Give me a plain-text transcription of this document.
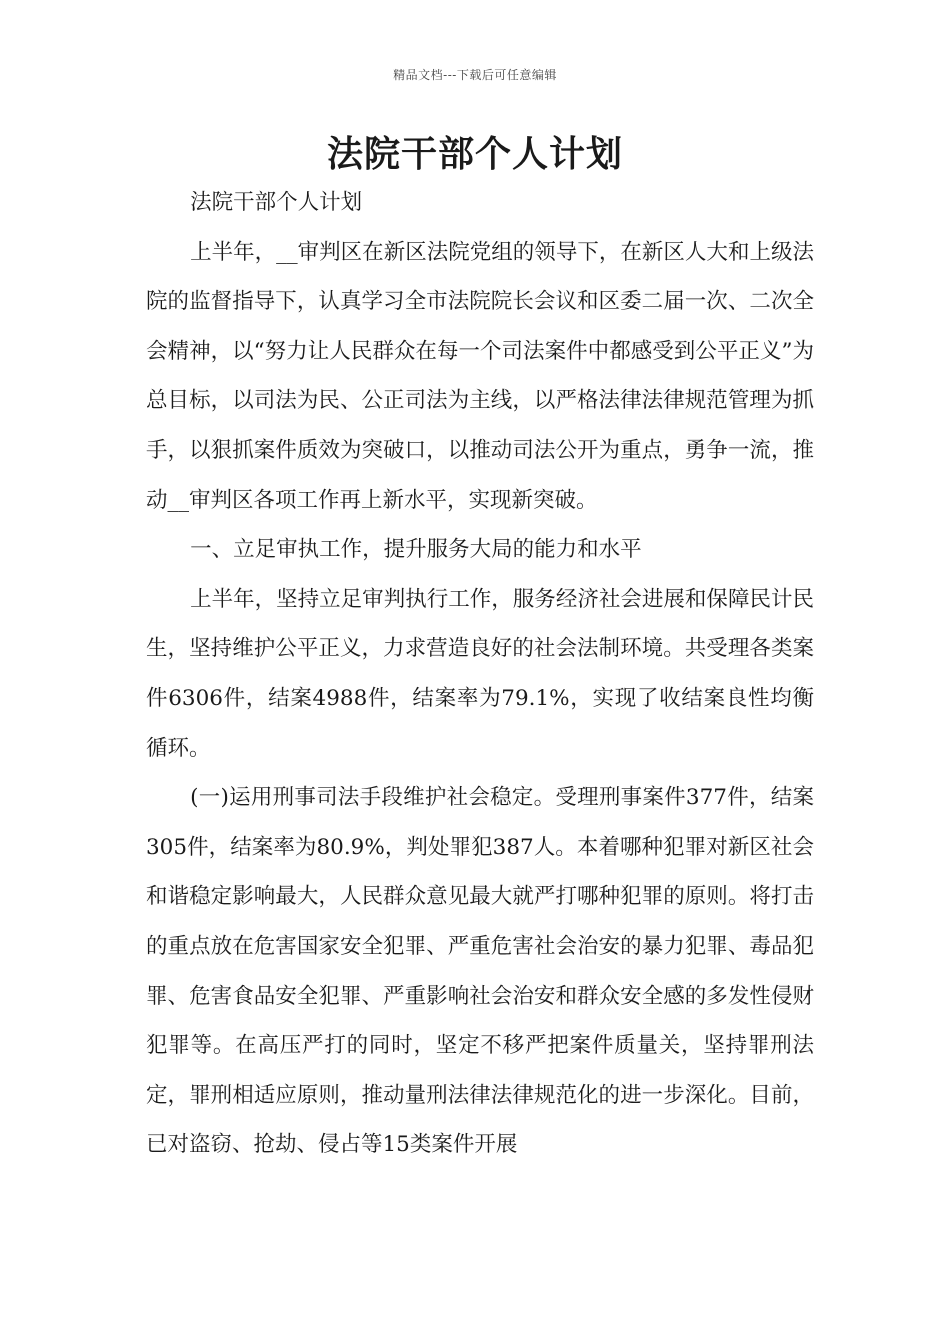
精品文档---下载后可任意编辑
法院干部个人计划

法院干部个人计划

上半年，__审判区在新区法院党组的领导下，在新区人大和上级法院的监督指导下，认真学习全市法院院长会议和区委二届一次、二次全会精神，以“努力让人民群众在每一个司法案件中都感受到公平正义”为总目标，以司法为民、公正司法为主线，以严格法律法律规范管理为抓手，以狠抓案件质效为突破口，以推动司法公开为重点，勇争一流，推动__审判区各项工作再上新水平，实现新突破。

一、立足审执工作，提升服务大局的能力和水平

上半年，坚持立足审判执行工作，服务经济社会进展和保障民计民生，坚持维护公平正义，力求营造良好的社会法制环境。共受理各类案件6306件，结案4988件，结案率为79.1%，实现了收结案良性均衡循环。

(一)运用刑事司法手段维护社会稳定。受理刑事案件377件，结案305件，结案率为80.9%，判处罪犯387人。本着哪种犯罪对新区社会和谐稳定影响最大，人民群众意见最大就严打哪种犯罪的原则。将打击的重点放在危害国家安全犯罪、严重危害社会治安的暴力犯罪、毒品犯罪、危害食品安全犯罪、严重影响社会治安和群众安全感的多发性侵财犯罪等。在高压严打的同时，坚定不移严把案件质量关，坚持罪刑法定，罪刑相适应原则，推动量刑法律法律规范化的进一步深化。目前，已对盗窃、抢劫、侵占等15类案件开展
